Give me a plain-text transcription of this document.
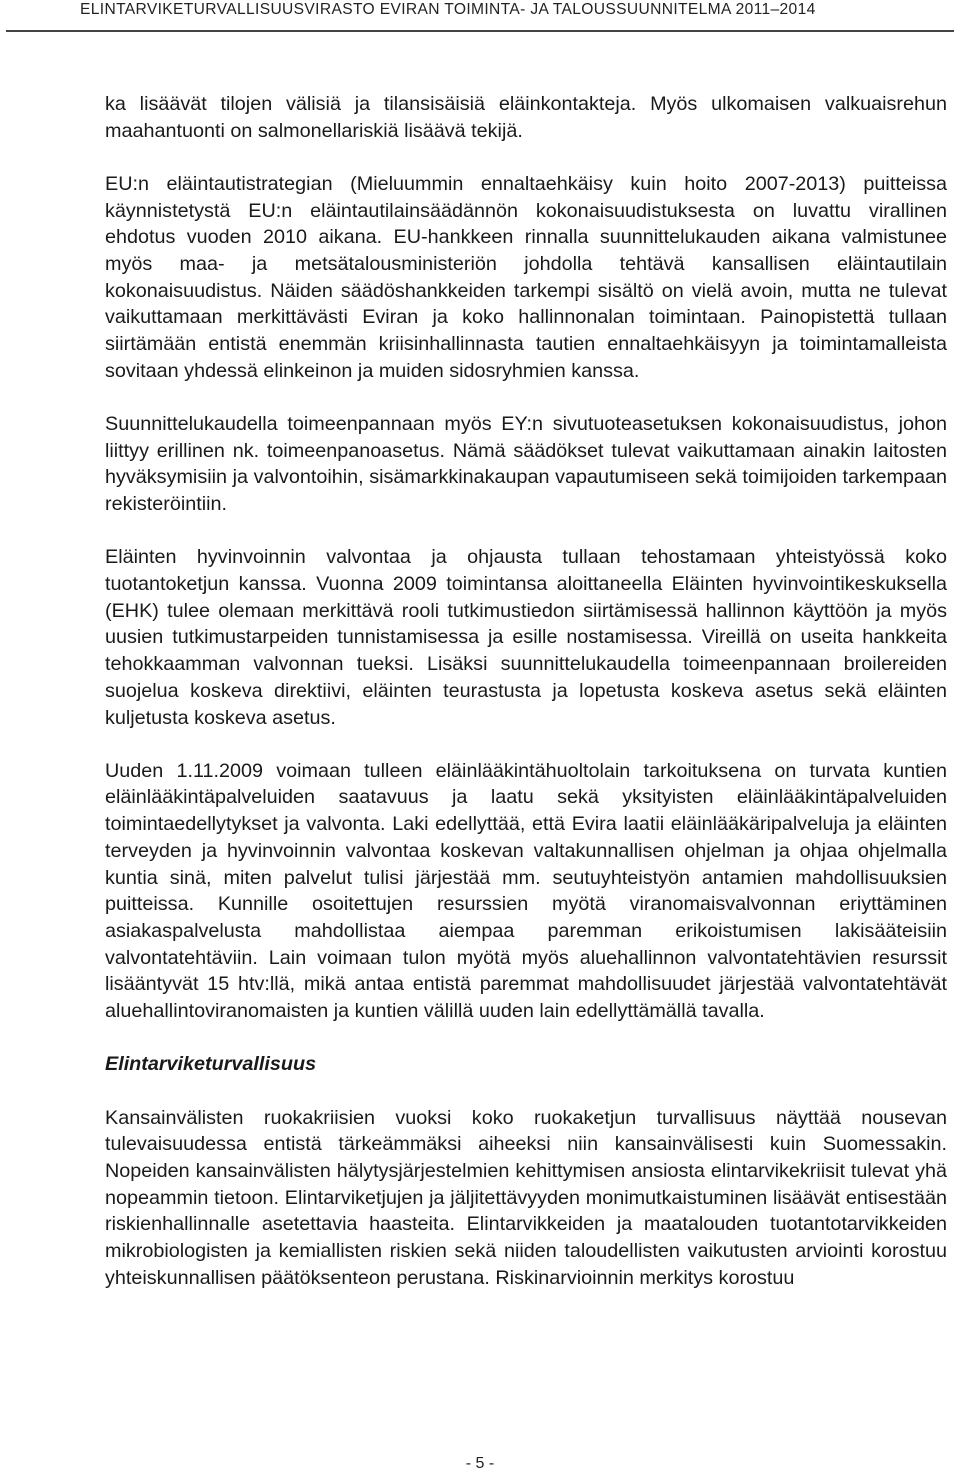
ELINTARVIKETURVALLISUUSVIRASTO EVIRAN TOIMINTA- JA TALOUSSUUNNITELMA 2011–2014

ka lisäävät tilojen välisiä ja tilansisäisiä eläinkontakteja. Myös ulkomaisen valkuaisrehun maahantuonti on salmonellariskiä lisäävä tekijä.

EU:n eläintautistrategian (Mieluummin ennaltaehkäisy kuin hoito 2007-2013) puitteissa käynnistetystä EU:n eläintautilainsäädännön kokonaisuudistuksesta on luvattu virallinen ehdotus vuoden 2010 aikana. EU-hankkeen rinnalla suunnittelukauden aikana valmistunee myös maa- ja metsätalousministeriön johdolla tehtävä kansallisen eläintautilain kokonaisuudistus. Näiden säädöshankkeiden tarkempi sisältö on vielä avoin, mutta ne tulevat vaikuttamaan merkittävästi Eviran ja koko hallinnonalan toimintaan. Painopistettä tullaan siirtämään entistä enemmän kriisinhallinnasta tautien ennaltaehkäisyyn ja toimintamalleista sovitaan yhdessä elinkeinon ja muiden sidosryhmien kanssa.

Suunnittelukaudella toimeenpannaan myös EY:n sivutuoteasetuksen kokonaisuudistus, johon liittyy erillinen nk. toimeenpanoasetus. Nämä säädökset tulevat vaikuttamaan ainakin laitosten hyväksymisiin ja valvontoihin, sisämarkkinakaupan vapautumiseen sekä toimijoiden tarkempaan rekisteröintiin.

Eläinten hyvinvoinnin valvontaa ja ohjausta tullaan tehostamaan yhteistyössä koko tuotantoketjun kanssa. Vuonna 2009 toimintansa aloittaneella Eläinten hyvinvointikeskuksella (EHK) tulee olemaan merkittävä rooli tutkimustiedon siirtämisessä hallinnon käyttöön ja myös uusien tutkimustarpeiden tunnistamisessa ja esille nostamisessa. Vireillä on useita hankkeita tehokkaamman valvonnan tueksi. Lisäksi suunnittelukaudella toimeenpannaan broilereiden suojelua koskeva direktiivi, eläinten teurastusta ja lopetusta koskeva asetus sekä eläinten kuljetusta koskeva asetus.

Uuden 1.11.2009 voimaan tulleen eläinlääkintähuoltolain tarkoituksena on turvata kuntien eläinlääkintäpalveluiden saatavuus ja laatu sekä yksityisten eläinlääkintäpalveluiden toimintaedellytykset ja valvonta. Laki edellyttää, että Evira laatii eläinlääkäripalveluja ja eläinten terveyden ja hyvinvoinnin valvontaa koskevan valtakunnallisen ohjelman ja ohjaa ohjelmalla kuntia sinä, miten palvelut tulisi järjestää mm. seutuyhteistyön antamien mahdollisuuksien puitteissa. Kunnille osoitettujen resurssien myötä viranomaisvalvonnan eriyttäminen asiakaspalvelusta mahdollistaa aiempaa paremman erikoistumisen lakisääteisiin valvontatehtäviin. Lain voimaan tulon myötä myös aluehallinnon valvontatehtävien resurssit lisääntyvät 15 htv:llä, mikä antaa entistä paremmat mahdollisuudet järjestää valvontatehtävät aluehallintoviranomaisten ja kuntien välillä uuden lain edellyttämällä tavalla.

Elintarviketurvallisuus

Kansainvälisten ruokakriisien vuoksi koko ruokaketjun turvallisuus näyttää nousevan tulevaisuudessa entistä tärkeämmäksi aiheeksi niin kansainvälisesti kuin Suomessakin. Nopeiden kansainvälisten hälytysjärjestelmien kehittymisen ansiosta elintarvikekriisit tulevat yhä nopeammin tietoon. Elintarviketjujen ja jäljitettävyyden monimutkaistuminen lisäävät entisestään riskienhallinnalle asetettavia haasteita. Elintarvikkeiden ja maatalouden tuotantotarvikkeiden mikrobiologisten ja kemiallisten riskien sekä niiden taloudellisten vaikutusten arviointi korostuu yhteiskunnallisen päätöksenteon perustana. Riskinarvioinnin merkitys korostuu

- 5 -
